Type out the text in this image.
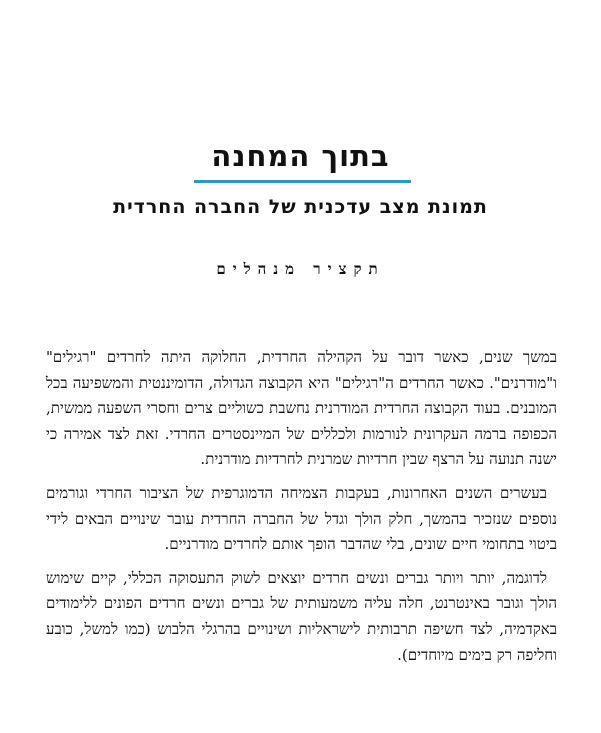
בתוך המחנה
תמונת מצב עדכנית של החברה החרדית
תקציר מנהלים

במשך שנים, כאשר דובר על הקהילה החרדית, החלוקה היתה לחרדים "רגילים" ו"מודרנים". כאשר החרדים ה"רגילים" היא הקבוצה הגדולה, הדומיננטית והמשפיעה בכל המובנים. בעוד הקבוצה החרדית המודרנית נחשבת כשוליים צרים וחסרי השפעה ממשית, הכפופה ברמה העקרונית לנורמות ולכללים של המיינסטרים החרדי. זאת לצד אמירה כי ישנה תנועה על הרצף שבין חרדיות שמרנית לחרדיות מודרנית.

בעשרים השנים האחרונות, בעקבות הצמיחה הדמוגרפית של הציבור החרדי וגורמים נוספים שנזכיר בהמשך, חלק הולך וגדל של החברה החרדית עובר שינויים הבאים לידי ביטוי בתחומי חיים שונים, בלי שהדבר הופך אותם לחרדים מודרניים.

לדוגמה, יותר ויותר גברים ונשים חרדים יוצאים לשוק התעסוקה הכללי, קיים שימוש הולך וגובר באינטרנט, חלה עליה משמעותית של גברים ונשים חרדים הפונים ללימודים באקדמיה, לצד חשיפה תרבותית לישראליות ושינויים בהרגלי הלבוש (כמו למשל, כובע וחליפה רק בימים מיוחדים).
